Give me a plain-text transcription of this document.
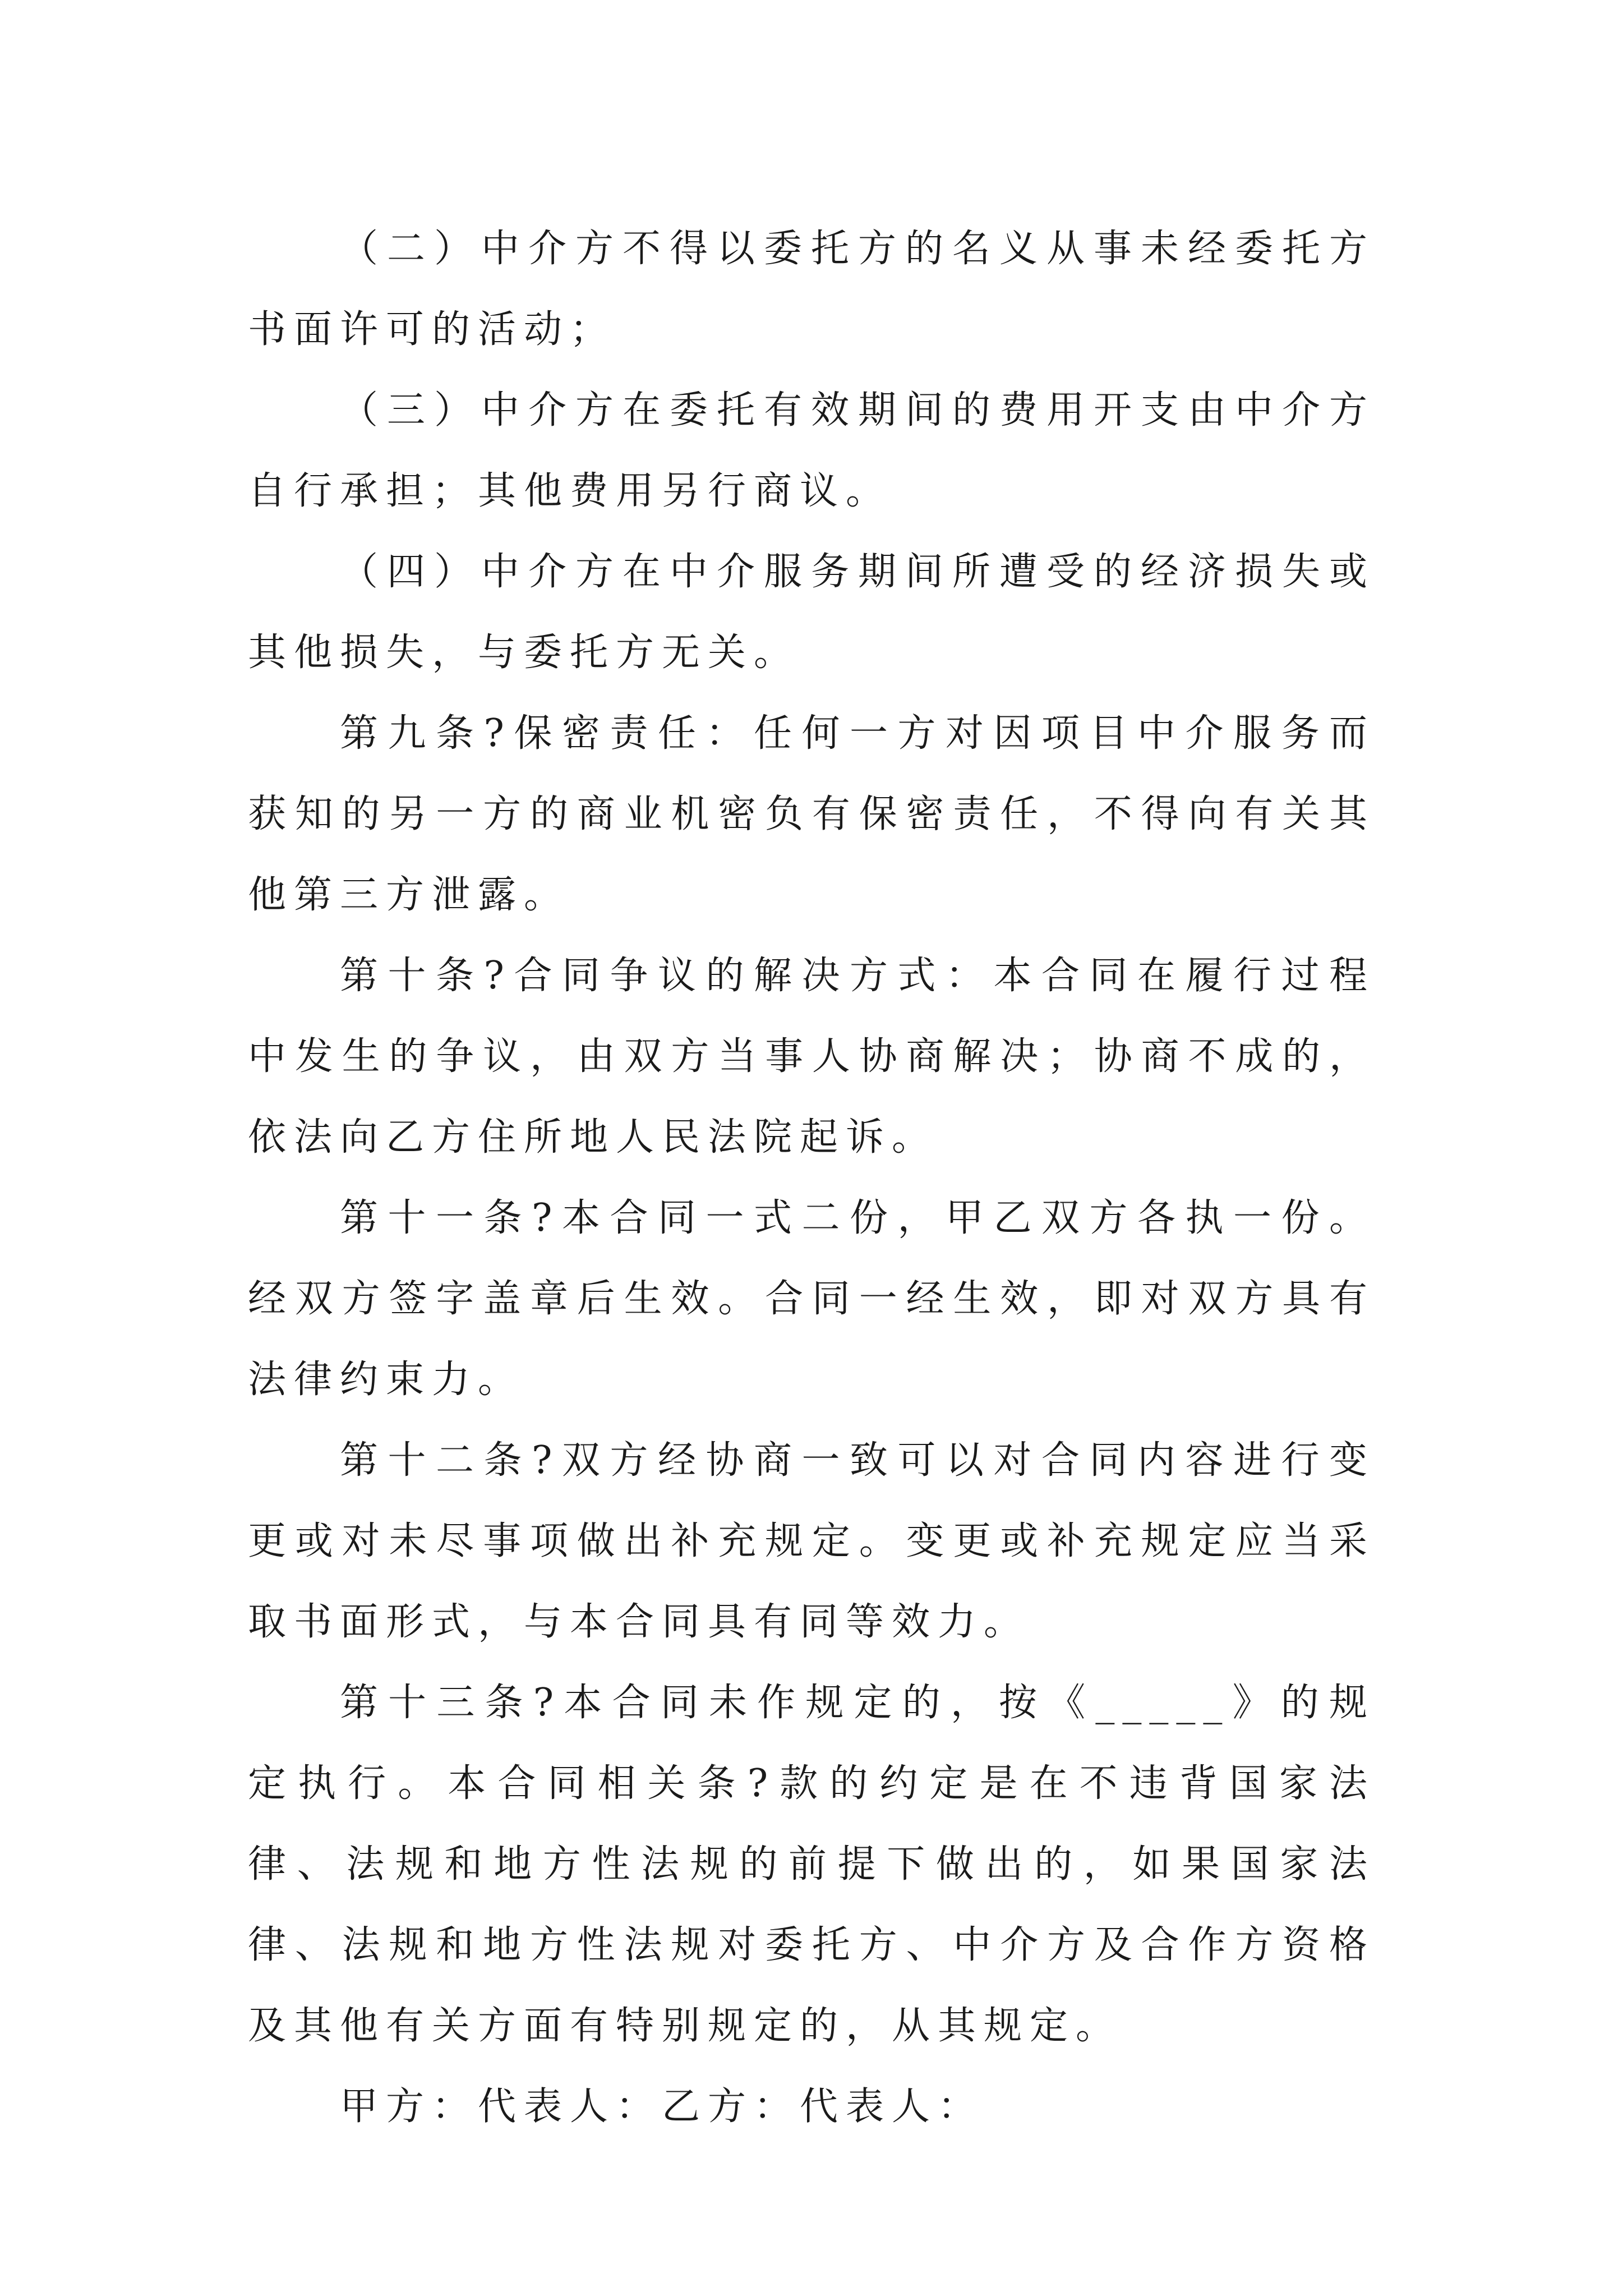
（二）中介方不得以委托方的名义从事未经委托方书面许可的活动；

（三）中介方在委托有效期间的费用开支由中介方自行承担；其他费用另行商议。

（四）中介方在中介服务期间所遭受的经济损失或其他损失，与委托方无关。

第九条?保密责任：任何一方对因项目中介服务而获知的另一方的商业机密负有保密责任，不得向有关其他第三方泄露。

第十条?合同争议的解决方式：本合同在履行过程中发生的争议，由双方当事人协商解决；协商不成的，依法向乙方住所地人民法院起诉。

第十一条?本合同一式二份，甲乙双方各执一份。经双方签字盖章后生效。合同一经生效，即对双方具有法律约束力。

第十二条?双方经协商一致可以对合同内容进行变更或对未尽事项做出补充规定。变更或补充规定应当采取书面形式，与本合同具有同等效力。

第十三条?本合同未作规定的，按《_____》的规定执行。本合同相关条?款的约定是在不违背国家法律、法规和地方性法规的前提下做出的，如果国家法律、法规和地方性法规对委托方、中介方及合作方资格及其他有关方面有特别规定的，从其规定。

甲方：代表人：乙方：代表人：
